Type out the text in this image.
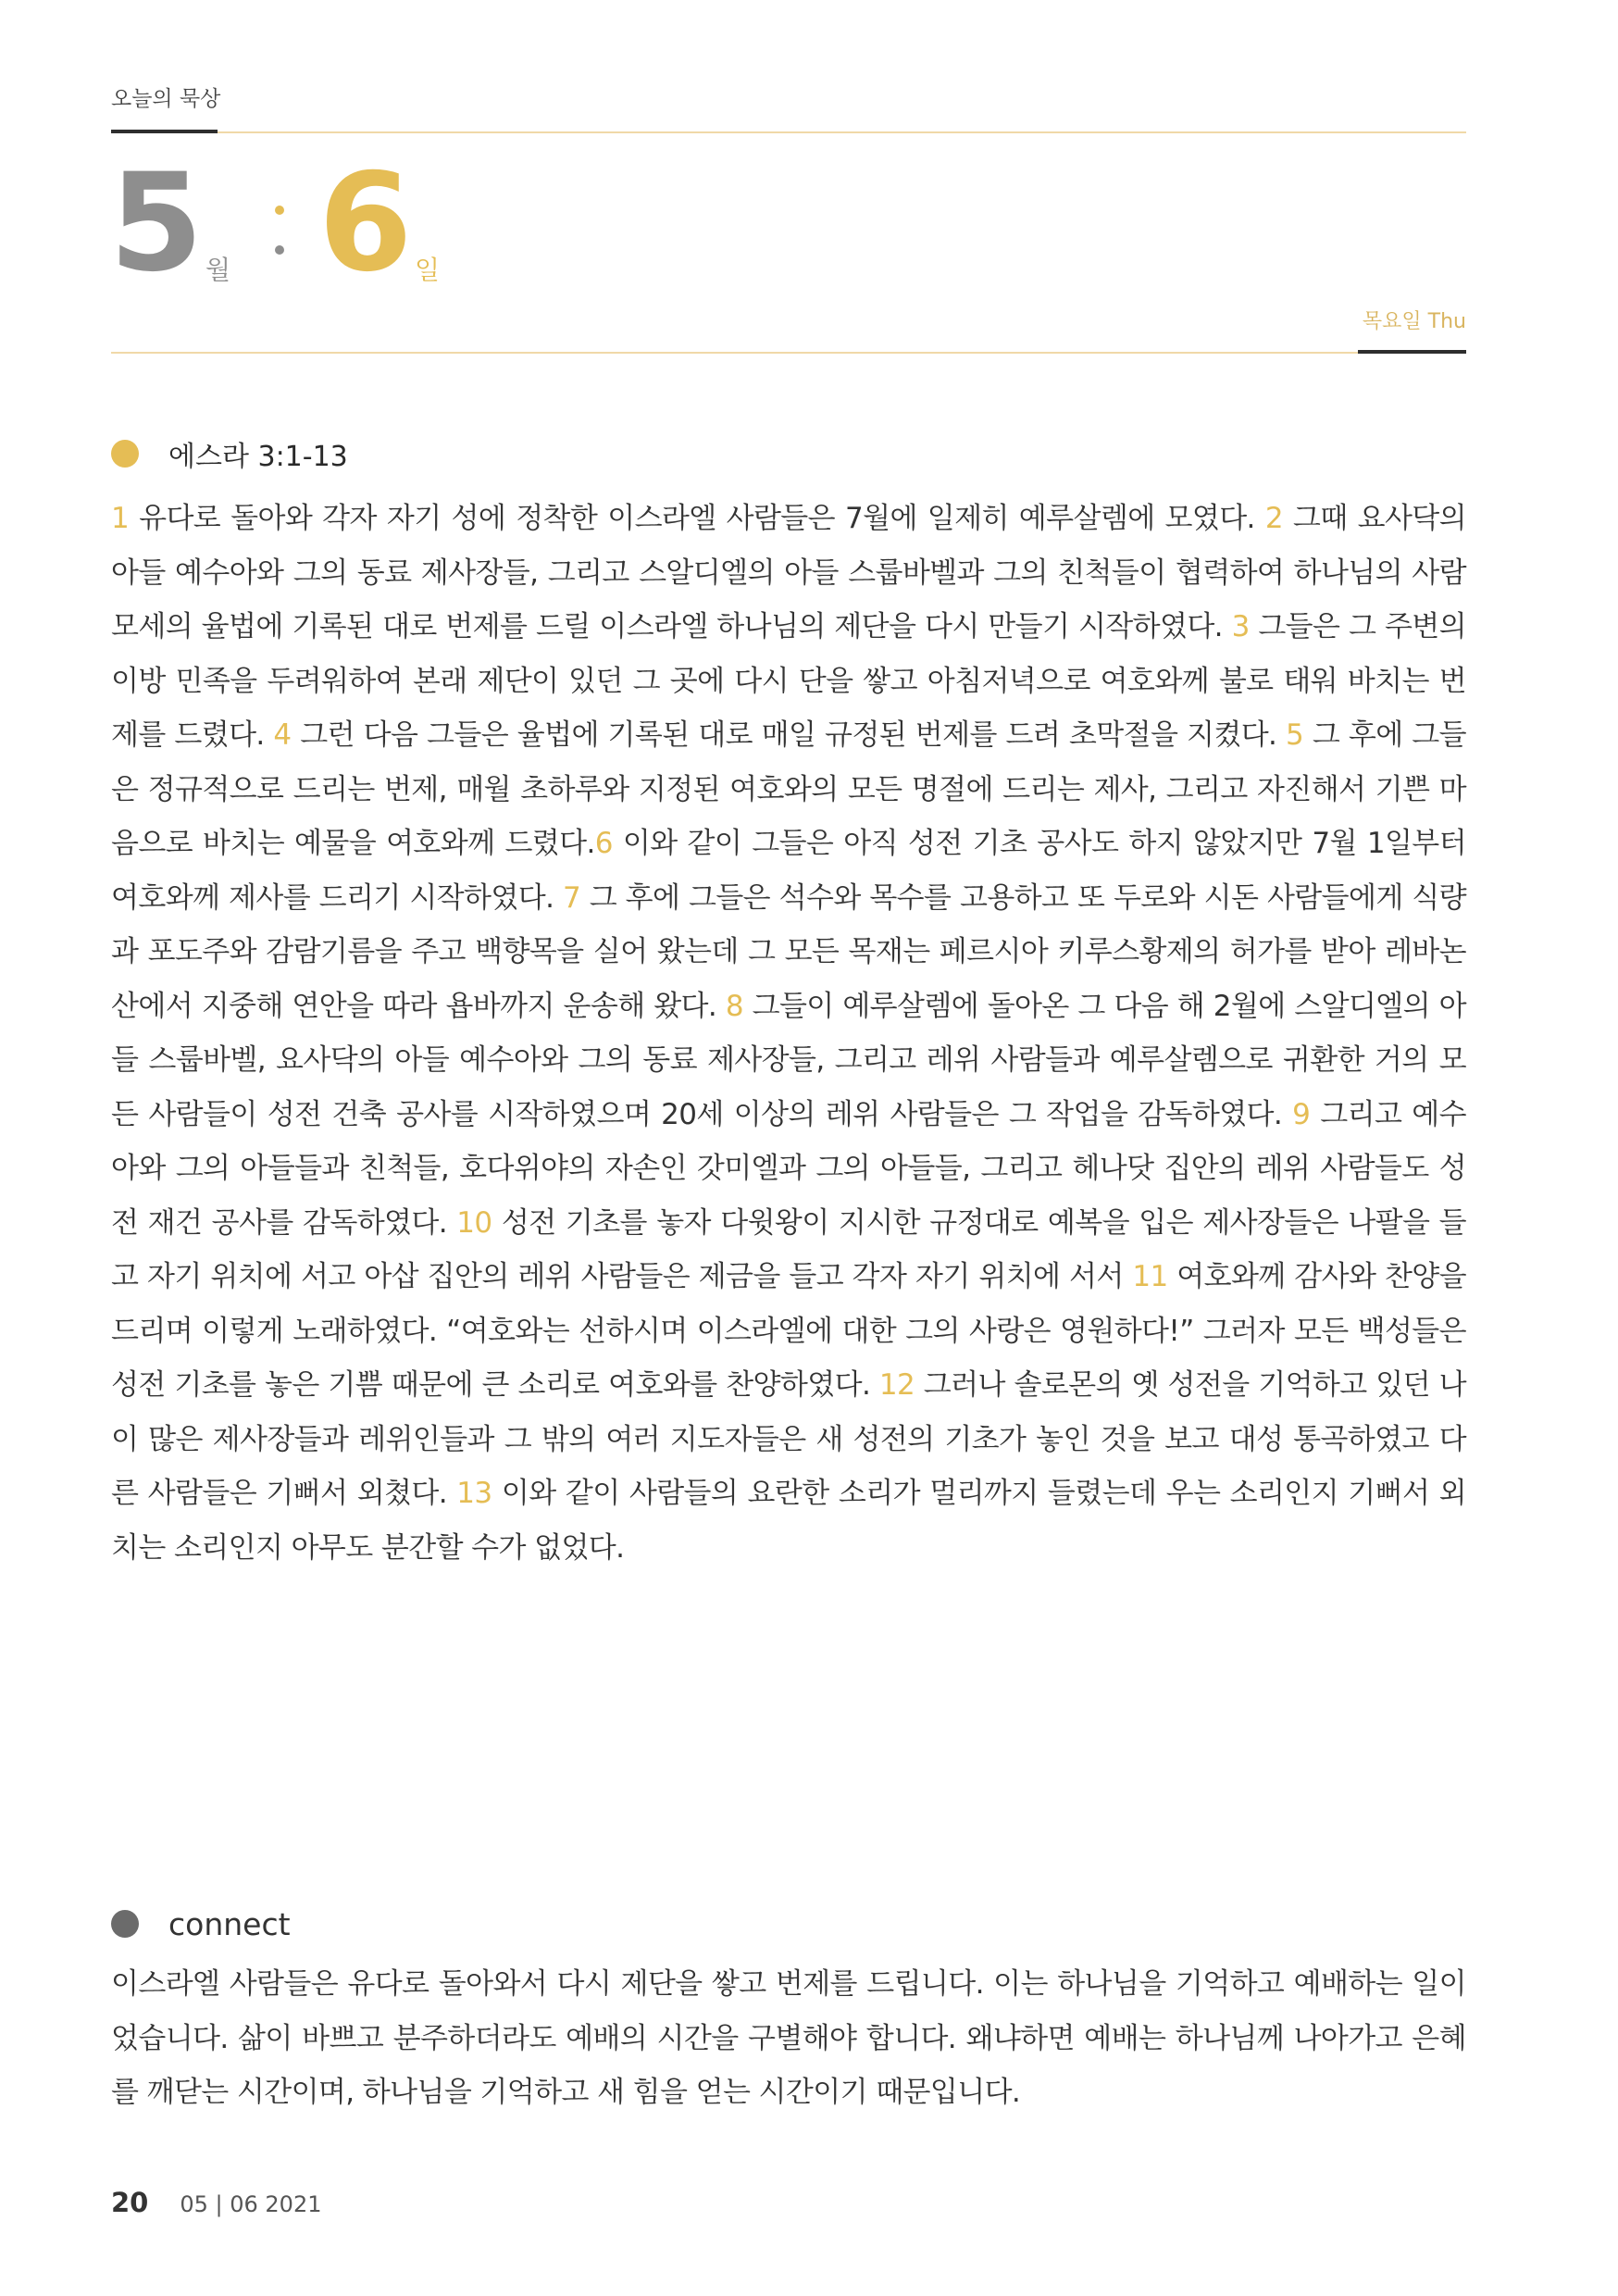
오늘의 묵상
5 월 6 일
목요일 Thu
에스라 3:1-13
1 유다로 돌아와 각자 자기 성에 정착한 이스라엘 사람들은 7월에 일제히 예루살렘에 모였다. 2 그때 요사닥의 아들 예수아와 그의 동료 제사장들, 그리고 스알디엘의 아들 스룹바벨과 그의 친척들이 협력하여 하나님의 사람 모세의 율법에 기록된 대로 번제를 드릴 이스라엘 하나님의 제단을 다시 만들기 시작하였다. 3 그들은 그 주변의 이방 민족을 두려워하여 본래 제단이 있던 그 곳에 다시 단을 쌓고 아침저녁으로 여호와께 불로 태워 바치는 번제를 드렸다. 4 그런 다음 그들은 율법에 기록된 대로 매일 규정된 번제를 드려 초막절을 지켰다. 5 그 후에 그들은 정규적으로 드리는 번제, 매월 초하루와 지정된 여호와의 모든 명절에 드리는 제사, 그리고 자진해서 기쁜 마음으로 바치는 예물을 여호와께 드렸다.6 이와 같이 그들은 아직 성전 기초 공사도 하지 않았지만 7월 1일부터 여호와께 제사를 드리기 시작하였다. 7 그 후에 그들은 석수와 목수를 고용하고 또 두로와 시돈 사람들에게 식량과 포도주와 감람기름을 주고 백향목을 실어 왔는데 그 모든 목재는 페르시아 키루스황제의 허가를 받아 레바논 산에서 지중해 연안을 따라 욥바까지 운송해 왔다. 8 그들이 예루살렘에 돌아온 그 다음 해 2월에 스알디엘의 아들 스룹바벨, 요사닥의 아들 예수아와 그의 동료 제사장들, 그리고 레위 사람들과 예루살렘으로 귀환한 거의 모든 사람들이 성전 건축 공사를 시작하였으며 20세 이상의 레위 사람들은 그 작업을 감독하였다. 9 그리고 예수아와 그의 아들들과 친척들, 호다위야의 자손인 갓미엘과 그의 아들들, 그리고 헤나닷 집안의 레위 사람들도 성전 재건 공사를 감독하였다. 10 성전 기초를 놓자 다윗왕이 지시한 규정대로 예복을 입은 제사장들은 나팔을 들고 자기 위치에 서고 아삽 집안의 레위 사람들은 제금을 들고 각자 자기 위치에 서서 11 여호와께 감사와 찬양을 드리며 이렇게 노래하였다. “여호와는 선하시며 이스라엘에 대한 그의 사랑은 영원하다!” 그러자 모든 백성들은 성전 기초를 놓은 기쁨 때문에 큰 소리로 여호와를 찬양하였다. 12 그러나 솔로몬의 옛 성전을 기억하고 있던 나이 많은 제사장들과 레위인들과 그 밖의 여러 지도자들은 새 성전의 기초가 놓인 것을 보고 대성 통곡하였고 다른 사람들은 기뻐서 외쳤다. 13 이와 같이 사람들의 요란한 소리가 멀리까지 들렸는데 우는 소리인지 기뻐서 외치는 소리인지 아무도 분간할 수가 없었다.
connect
이스라엘 사람들은 유다로 돌아와서 다시 제단을 쌓고 번제를 드립니다. 이는 하나님을 기억하고 예배하는 일이었습니다. 삶이 바쁘고 분주하더라도 예배의 시간을 구별해야 합니다. 왜냐하면 예배는 하나님께 나아가고 은혜를 깨닫는 시간이며, 하나님을 기억하고 새 힘을 얻는 시간이기 때문입니다.
20 05 | 06 2021
